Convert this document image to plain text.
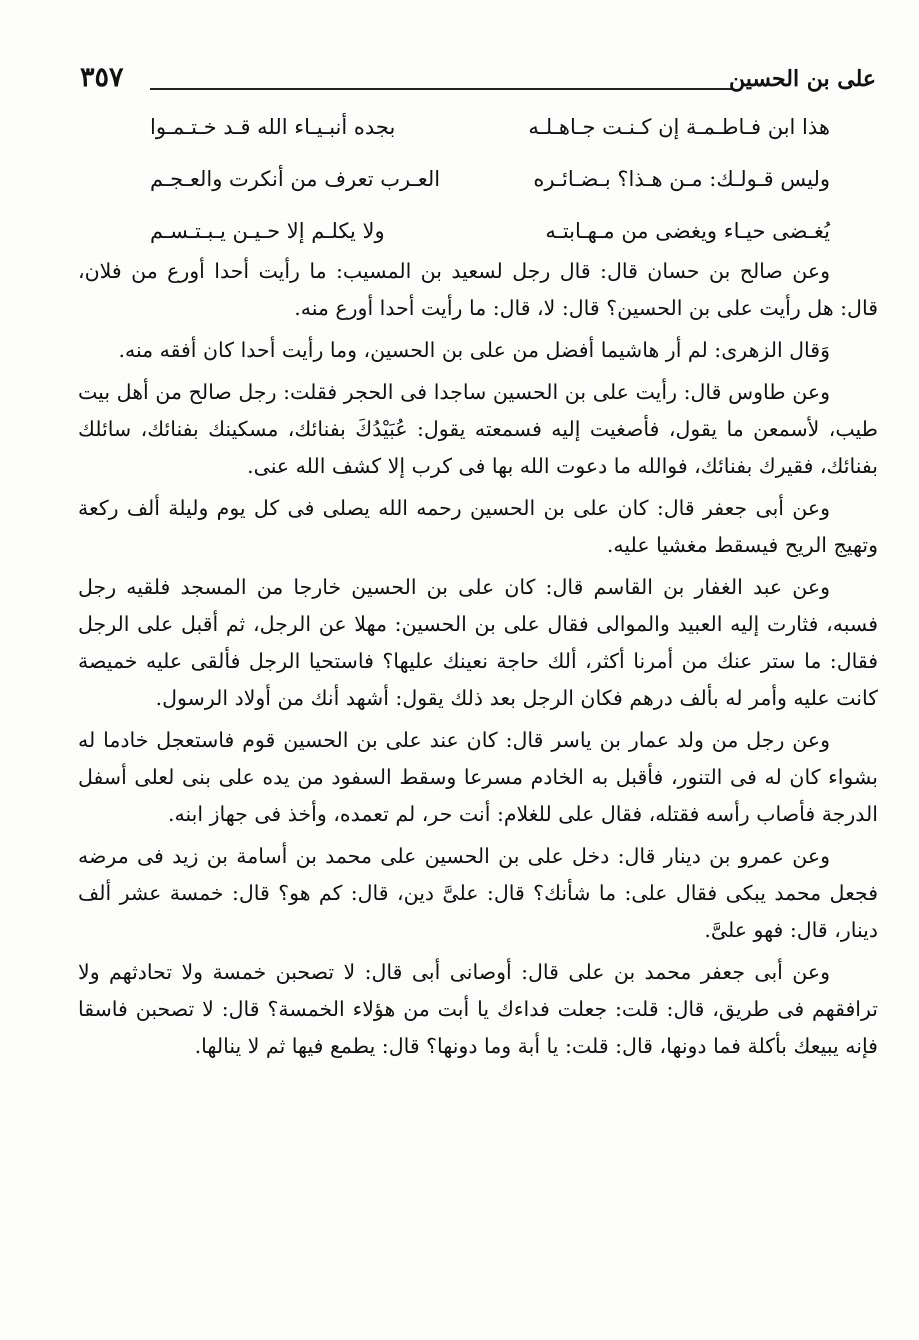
٣٥٧	على بن الحسين
هذا ابن فـاطـمـة إن كـنـت جـاهـلـه
بجده أنبـيـاء الله قـد خـتـمـوا
وليس قـولـك: مـن هـذا؟ بـضـائـره
العـرب تعرف من أنكرت والعـجـم
يُغـضى حيـاء ويغضى من مـهـابتـه
ولا يكلـم إلا حـيـن يـبـتـسـم

وعن صالح بن حسان قال: قال رجل لسعيد بن المسيب: ما رأيت أحدا أورع من فلان، قال: هل رأيت على بن الحسين؟ قال: لا، قال: ما رأيت أحدا أورع منه.

وَقال الزهرى: لم أر هاشيما أفضل من على بن الحسين، وما رأيت أحدا كان أفقه منه.

وعن طاوس قال: رأيت على بن الحسين ساجدا فى الحجر فقلت: رجل صالح من أهل بيت طيب، لأسمعن ما يقول، فأصغيت إليه فسمعته يقول: عُبَيْدُكَ بفنائك، مسكينك بفنائك، سائلك بفنائك، فقيرك بفنائك، فوالله ما دعوت الله بها فى كرب إلا كشف الله عنى.

وعن أبى جعفر قال: كان على بن الحسين رحمه الله يصلى فى كل يوم وليلة ألف ركعة وتهيج الريح فيسقط مغشيا عليه.

وعن عبد الغفار بن القاسم قال: كان على بن الحسين خارجا من المسجد فلقيه رجل فسبه، فثارت إليه العبيد والموالى فقال على بن الحسين: مهلا عن الرجل، ثم أقبل على الرجل فقال: ما ستر عنك من أمرنا أكثر، ألك حاجة نعينك عليها؟ فاستحيا الرجل فألقى عليه خميصة كانت عليه وأمر له بألف درهم فكان الرجل بعد ذلك يقول: أشهد أنك من أولاد الرسول.

وعن رجل من ولد عمار بن ياسر قال: كان عند على بن الحسين قوم فاستعجل خادما له بشواء كان له فى التنور، فأقبل به الخادم مسرعا وسقط السفود من يده على بنى لعلى أسفل الدرجة فأصاب رأسه فقتله، فقال على للغلام: أنت حر، لم تعمده، وأخذ فى جهاز ابنه.

وعن عمرو بن دينار قال: دخل على بن الحسين على محمد بن أسامة بن زيد فى مرضه فجعل محمد يبكى فقال على: ما شأنك؟ قال: علىَّ دين، قال: كم هو؟ قال: خمسة عشر ألف دينار، قال: فهو علىَّ.

وعن أبى جعفر محمد بن على قال: أوصانى أبى قال: لا تصحبن خمسة ولا تحادثهم ولا ترافقهم فى طريق، قال: قلت: جعلت فداءك يا أبت من هؤلاء الخمسة؟ قال: لا تصحبن فاسقا فإنه يبيعك بأكلة فما دونها، قال: قلت: يا أبة وما دونها؟ قال: يطمع فيها ثم لا ينالها.
